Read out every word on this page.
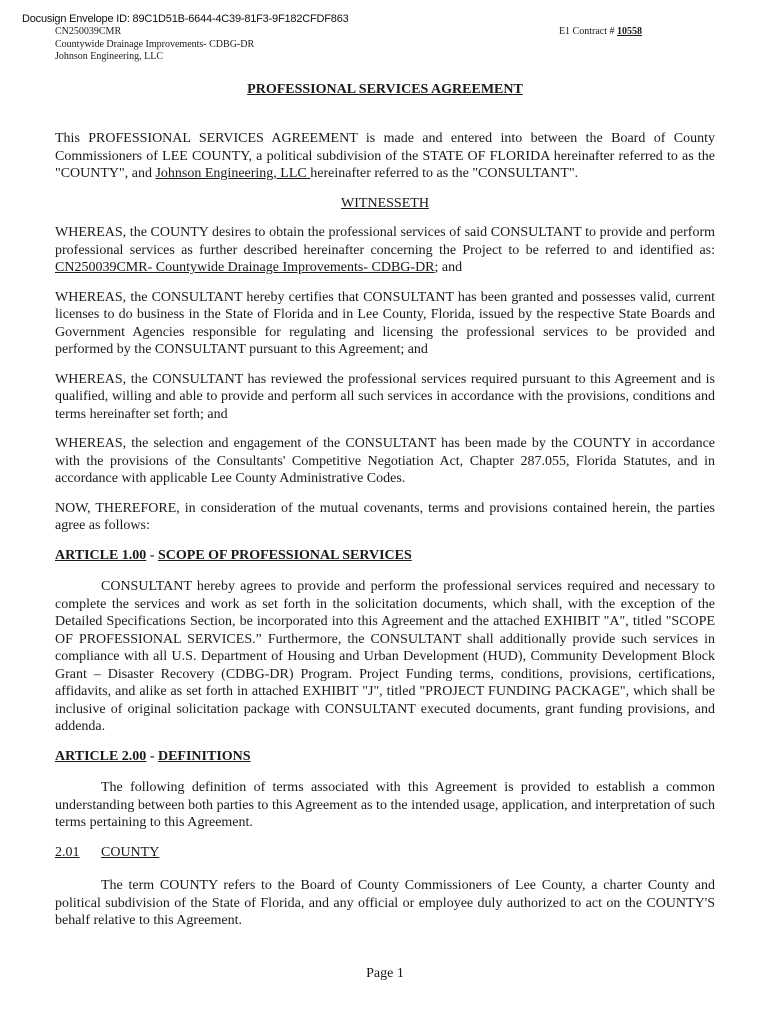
Docusign Envelope ID: 89C1D51B-6644-4C39-81F3-9F182CFDF863
CN250039CMR
Countywide Drainage Improvements- CDBG-DR
Johnson Engineering, LLC
E1 Contract # 10558
PROFESSIONAL SERVICES AGREEMENT

This PROFESSIONAL SERVICES AGREEMENT is made and entered into between the Board of County Commissioners of LEE COUNTY, a political subdivision of the STATE OF FLORIDA hereinafter referred to as the "COUNTY", and Johnson Engineering, LLC hereinafter referred to as the "CONSULTANT".

WITNESSETH

WHEREAS, the COUNTY desires to obtain the professional services of said CONSULTANT to provide and perform professional services as further described hereinafter concerning the Project to be referred to and identified as: CN250039CMR- Countywide Drainage Improvements- CDBG-DR; and

WHEREAS, the CONSULTANT hereby certifies that CONSULTANT has been granted and possesses valid, current licenses to do business in the State of Florida and in Lee County, Florida, issued by the respective State Boards and Government Agencies responsible for regulating and licensing the professional services to be provided and performed by the CONSULTANT pursuant to this Agreement; and

WHEREAS, the CONSULTANT has reviewed the professional services required pursuant to this Agreement and is qualified, willing and able to provide and perform all such services in accordance with the provisions, conditions and terms hereinafter set forth; and

WHEREAS, the selection and engagement of the CONSULTANT has been made by the COUNTY in accordance with the provisions of the Consultants' Competitive Negotiation Act, Chapter 287.055, Florida Statutes, and in accordance with applicable Lee County Administrative Codes.

NOW, THEREFORE, in consideration of the mutual covenants, terms and provisions contained herein, the parties agree as follows:

ARTICLE 1.00 - SCOPE OF PROFESSIONAL SERVICES

CONSULTANT hereby agrees to provide and perform the professional services required and necessary to complete the services and work as set forth in the solicitation documents, which shall, with the exception of the Detailed Specifications Section, be incorporated into this Agreement and the attached EXHIBIT "A", titled "SCOPE OF PROFESSIONAL SERVICES.” Furthermore, the CONSULTANT shall additionally provide such services in compliance with all U.S. Department of Housing and Urban Development (HUD), Community Development Block Grant – Disaster Recovery (CDBG-DR) Program. Project Funding terms, conditions, provisions, certifications, affidavits, and alike as set forth in attached EXHIBIT "J", titled "PROJECT FUNDING PACKAGE", which shall be inclusive of original solicitation package with CONSULTANT executed documents, grant funding provisions, and addenda.

ARTICLE 2.00 - DEFINITIONS

The following definition of terms associated with this Agreement is provided to establish a common understanding between both parties to this Agreement as to the intended usage, application, and interpretation of such terms pertaining to this Agreement.

2.01 COUNTY

The term COUNTY refers to the Board of County Commissioners of Lee County, a charter County and political subdivision of the State of Florida, and any official or employee duly authorized to act on the COUNTY'S behalf relative to this Agreement.

Page 1
